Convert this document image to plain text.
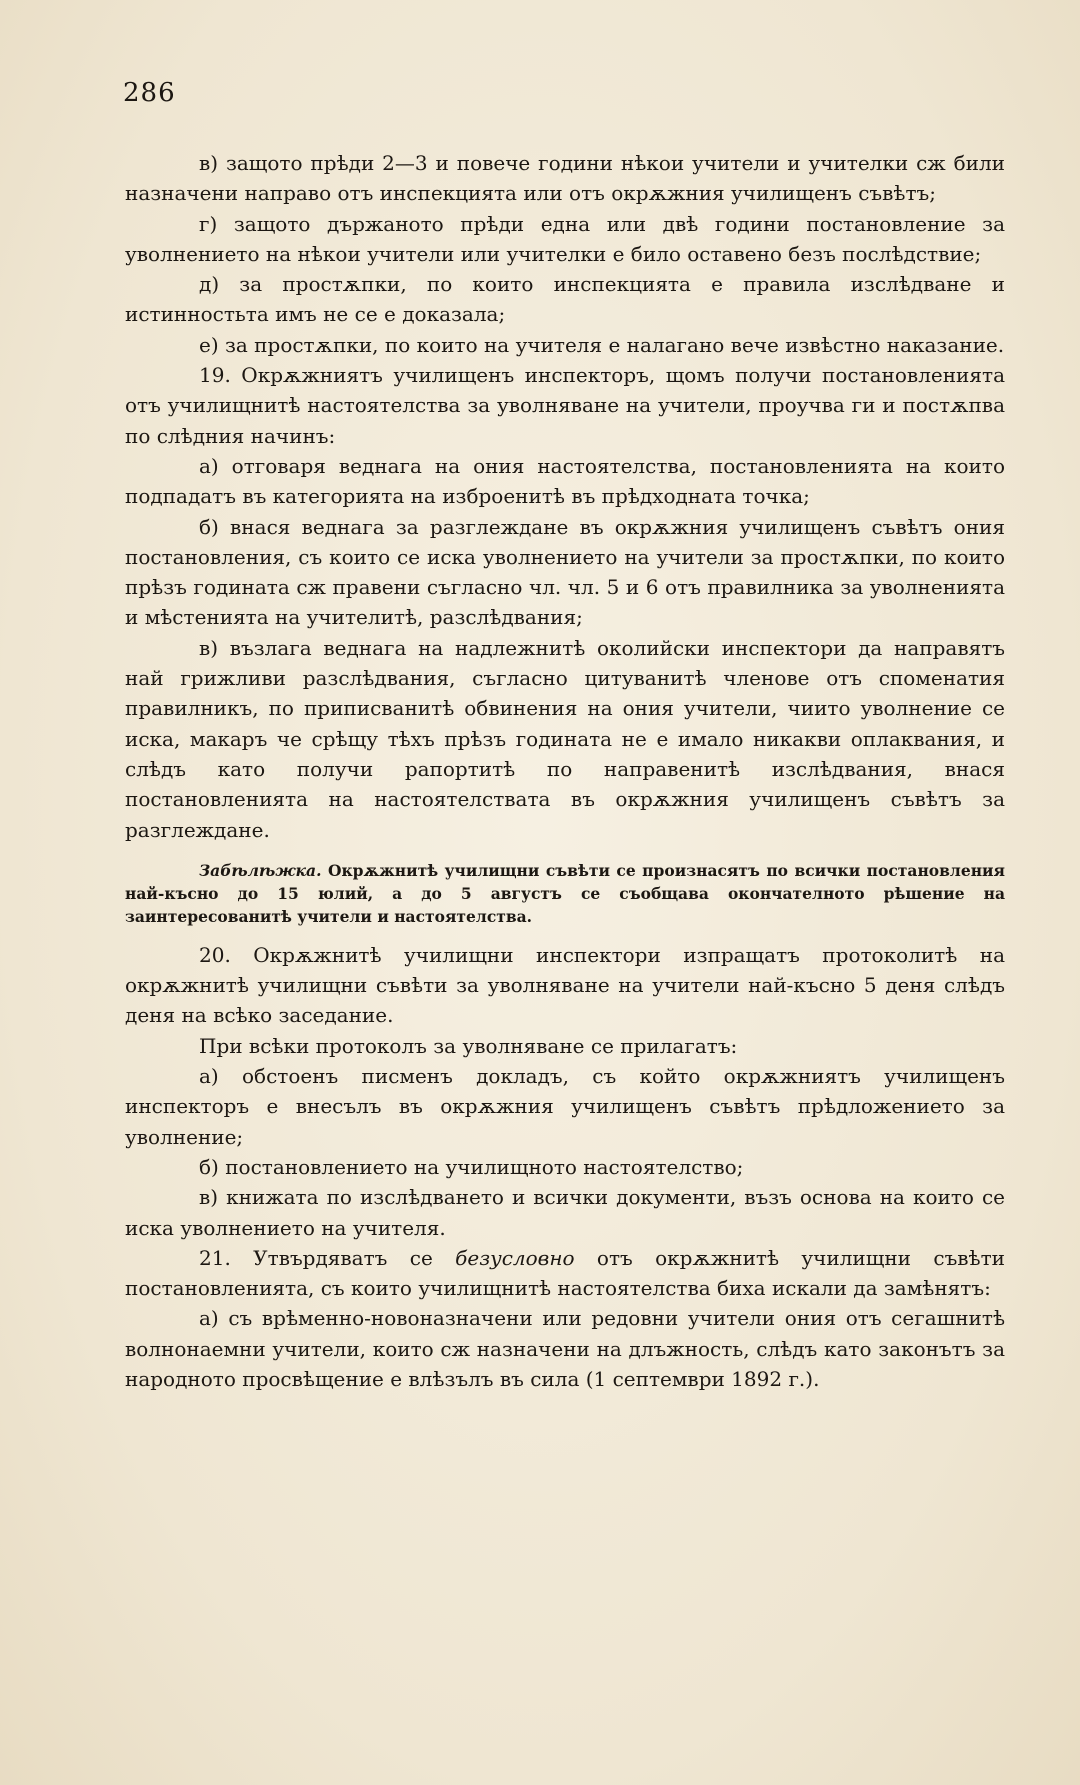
286

в) защото прѣди 2—3 и повече години нѣкои учители и учителки сж били назначени направо отъ инспекцията или отъ окрѫжния училищенъ съвѣтъ;

г) защото държаното прѣди една или двѣ години постановление за уволнението на нѣкои учители или учителки е било оставено безъ послѣдствие;

д) за простѫпки, по които инспекцията е правила изслѣдване и истинностьта имъ не се е доказала;

е) за простѫпки, по които на учителя е налагано вече извѣстно наказание.

19. Окрѫжниятъ училищенъ инспекторъ, щомъ получи постановленията отъ училищнитѣ настоятелства за уволняване на учители, проучва ги и постѫпва по слѣдния начинъ:

а) отговаря веднага на ония настоятелства, постановленията на които подпадатъ въ категорията на изброенитѣ въ прѣдходната точка;

б) внася веднага за разглеждане въ окрѫжния училищенъ съвѣтъ ония постановления, съ които се иска уволнението на учители за простѫпки, по които прѣзъ годината сж правени съгласно чл. чл. 5 и 6 отъ правилника за уволненията и мѣстенията на учителитѣ, разслѣдвания;

в) възлага веднага на надлежнитѣ околийски инспектори да направятъ най грижливи разслѣдвания, съгласно цитуванитѣ членове отъ споменатия правилникъ, по приписванитѣ обвинения на ония учители, чиито уволнение се иска, макаръ че срѣщу тѣхъ прѣзъ годината не е имало никакви оплаквания, и слѣдъ като получи рапортитѣ по направенитѣ изслѣдвания, внася постановленията на настоятелствата въ окрѫжния училищенъ съвѣтъ за разглеждане.

Забѣлѣжка. Окрѫжнитѣ училищни съвѣти се произнасятъ по всички постановления най-късно до 15 юлий, а до 5 августъ се съобщава окончателното рѣшение на заинтересованитѣ учители и настоятелства.

20. Окрѫжнитѣ училищни инспектори изпращатъ протоколитѣ на окрѫжнитѣ училищни съвѣти за уволняване на учители най-късно 5 деня слѣдъ деня на всѣко заседание.

При всѣки протоколъ за уволняване се прилагатъ:

а) обстоенъ писменъ докладъ, съ който окрѫжниятъ училищенъ инспекторъ е внесълъ въ окрѫжния училищенъ съвѣтъ прѣдложението за уволнение;

б) постановлението на училищното настоятелство;

в) книжата по изслѣдването и всички документи, възъ основа на които се иска уволнението на учителя.

21. Утвърдяватъ се безусловно отъ окрѫжнитѣ училищни съвѣти постановленията, съ които училищнитѣ настоятелства биха искали да замѣнятъ:

а) съ врѣменно-новоназначени или редовни учители ония отъ сегашнитѣ волнонаемни учители, които сж назначени на длъжность, слѣдъ като законътъ за народното просвѣщение е влѣзълъ въ сила (1 септември 1892 г.).
